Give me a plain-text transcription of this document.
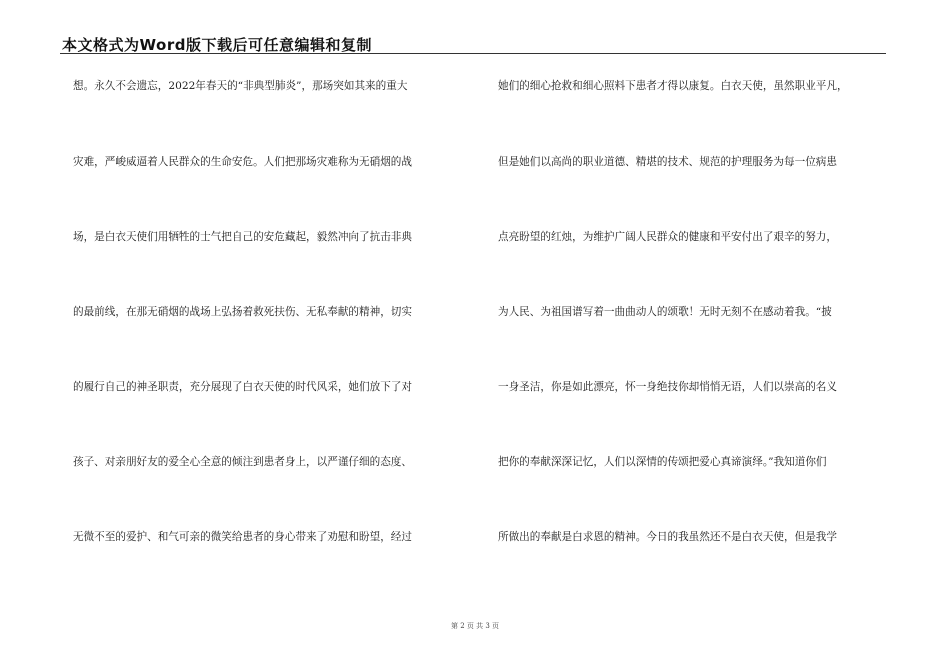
本文格式为Word版下载后可任意编辑和复制
想。永久不会遗忘，2022年春天的“非典型肺炎”，那场突如其来的重大
灾难，严峻威逼着人民群众的生命安危。人们把那场灾难称为无硝烟的战
场，是白衣天使们用牺牲的士气把自己的安危藏起，毅然冲向了抗击非典
的最前线，在那无硝烟的战场上弘扬着救死扶伤、无私奉献的精神，切实
的履行自己的神圣职责，充分展现了白衣天使的时代风采，她们放下了对
孩子、对亲朋好友的爱全心全意的倾注到患者身上，以严谨仔细的态度、
无微不至的爱护、和气可亲的微笑给患者的身心带来了劝慰和盼望，经过
她们的细心抢救和细心照料下患者才得以康复。白衣天使，虽然职业平凡，
但是她们以高尚的职业道德、精堪的技术、规范的护理服务为每一位病患
点亮盼望的红烛，为维护广阔人民群众的健康和平安付出了艰辛的努力，
为人民、为祖国谱写着一曲曲动人的颂歌！无时无刻不在感动着我。“披
一身圣洁，你是如此漂亮，怀一身绝技你却悄悄无语，人们以崇高的名义
把你的奉献深深记忆，人们以深情的传颂把爱心真谛演绎。”我知道你们
所做出的奉献是白求恩的精神。今日的我虽然还不是白衣天使，但是我学
第 2 页 共 3 页
